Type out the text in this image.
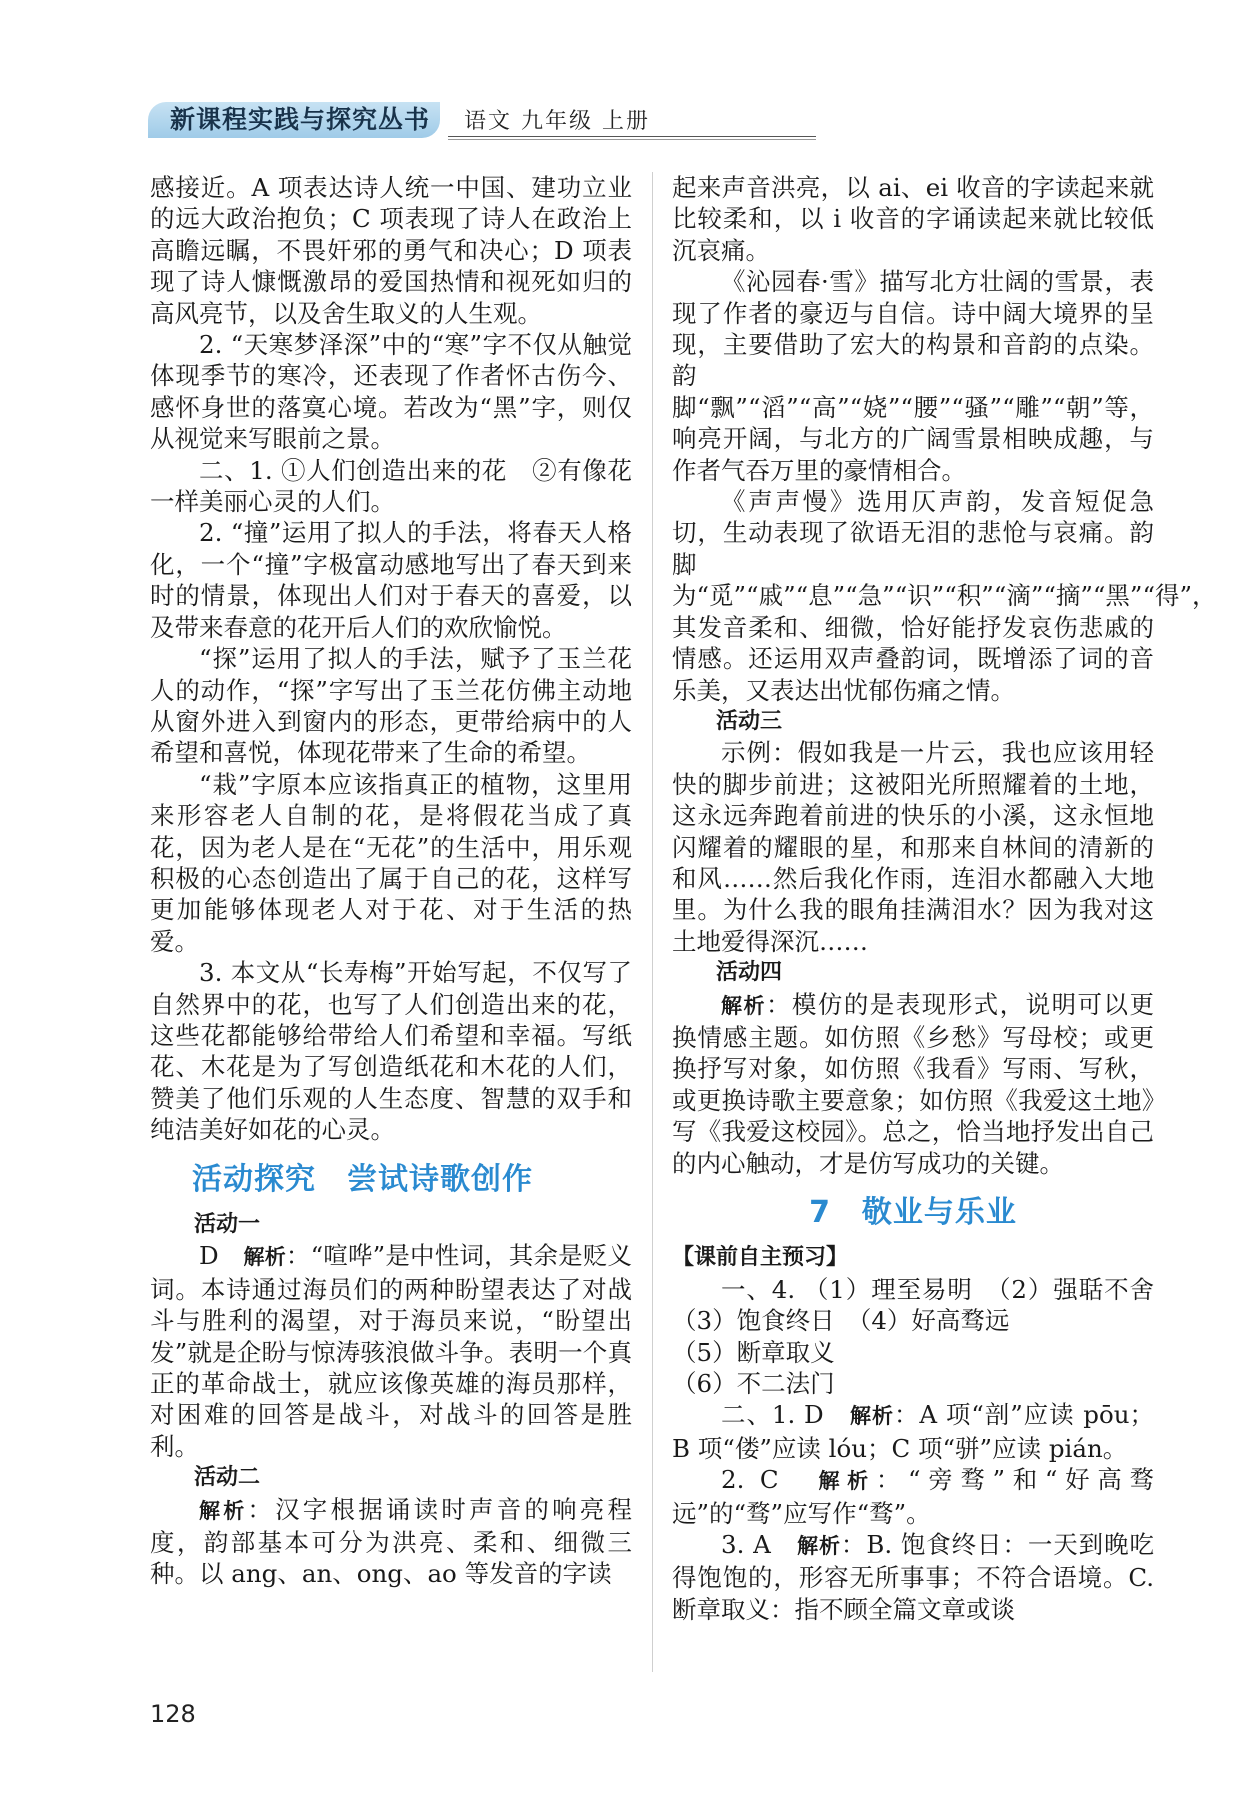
新课程实践与探究丛书	语文 九年级 上册

感接近。A 项表达诗人统一中国、建功立业的远大政治抱负；C 项表现了诗人在政治上高瞻远瞩，不畏奸邪的勇气和决心；D 项表现了诗人慷慨激昂的爱国热情和视死如归的高风亮节，以及舍生取义的人生观。

2. “天寒梦泽深”中的“寒”字不仅从触觉体现季节的寒冷，还表现了作者怀古伤今、感怀身世的落寞心境。若改为“黑”字，则仅从视觉来写眼前之景。

二、1. ①人们创造出来的花　②有像花一样美丽心灵的人们。

2. “撞”运用了拟人的手法，将春天人格化，一个“撞”字极富动感地写出了春天到来时的情景，体现出人们对于春天的喜爱，以及带来春意的花开后人们的欢欣愉悦。

“探”运用了拟人的手法，赋予了玉兰花人的动作，“探”字写出了玉兰花仿佛主动地从窗外进入到窗内的形态，更带给病中的人希望和喜悦，体现花带来了生命的希望。

“栽”字原本应该指真正的植物，这里用来形容老人自制的花，是将假花当成了真花，因为老人是在“无花”的生活中，用乐观积极的心态创造出了属于自己的花，这样写更加能够体现老人对于花、对于生活的热爱。

3. 本文从“长寿梅”开始写起，不仅写了自然界中的花，也写了人们创造出来的花，这些花都能够给带给人们希望和幸福。写纸花、木花是为了写创造纸花和木花的人们，赞美了他们乐观的人生态度、智慧的双手和纯洁美好如花的心灵。

活动探究　尝试诗歌创作

活动一

D　 解析：“喧哗”是中性词，其余是贬义词。本诗通过海员们的两种盼望表达了对战斗与胜利的渴望，对于海员来说，“盼望出发”就是企盼与惊涛骇浪做斗争。表明一个真正的革命战士，就应该像英雄的海员那样，对困难的回答是战斗，对战斗的回答是胜利。

活动二

解析：汉字根据诵读时声音的响亮程度，韵部基本可分为洪亮、柔和、细微三种。以 ang、an、ong、ao 等发音的字读

起来声音洪亮，以 ai、ei 收音的字读起来就比较柔和，以 i 收音的字诵读起来就比较低沉哀痛。

《沁园春·雪》描写北方壮阔的雪景，表现了作者的豪迈与自信。诗中阔大境界的呈现，主要借助了宏大的构景和音韵的点染。韵脚“飘”“滔”“高”“娆”“腰”“骚”“雕”“朝”等，响亮开阔，与北方的广阔雪景相映成趣，与作者气吞万里的豪情相合。

《声声慢》选用仄声韵，发音短促急切，生动表现了欲语无泪的悲怆与哀痛。韵脚为“觅”“戚”“息”“急”“识”“积”“滴”“摘”“黑”“得”，其发音柔和、细微，恰好能抒发哀伤悲戚的情感。还运用双声叠韵词，既增添了词的音乐美，又表达出忧郁伤痛之情。

活动三

示例：假如我是一片云，我也应该用轻快的脚步前进；这被阳光所照耀着的土地，这永远奔跑着前进的快乐的小溪，这永恒地闪耀着的耀眼的星，和那来自林间的清新的和风……然后我化作雨，连泪水都融入大地里。为什么我的眼角挂满泪水？因为我对这土地爱得深沉……

活动四

解析：模仿的是表现形式，说明可以更换情感主题。如仿照《乡愁》写母校；或更换抒写对象，如仿照《我看》写雨、写秋，或更换诗歌主要意象；如仿照《我爱这土地》写《我爱这校园》。总之，恰当地抒发出自己的内心触动，才是仿写成功的关键。

7　敬业与乐业

【课前自主预习】

一、4. （1）理至易明　（2）强聒不舍　（3）饱食终日　（4）好高骛远

（5）断章取义

（6）不二法门

二、1. D　解析：A 项“剖”应读 pōu；B 项“偻”应读 lóu；C 项“骈”应读 pián。

2. C　解析：“旁骛”和“好高骛远”的“骛”应写作“骛”。

3. A　解析：B. 饱食终日：一天到晚吃得饱饱的，形容无所事事；不符合语境。C. 断章取义：指不顾全篇文章或谈

128
